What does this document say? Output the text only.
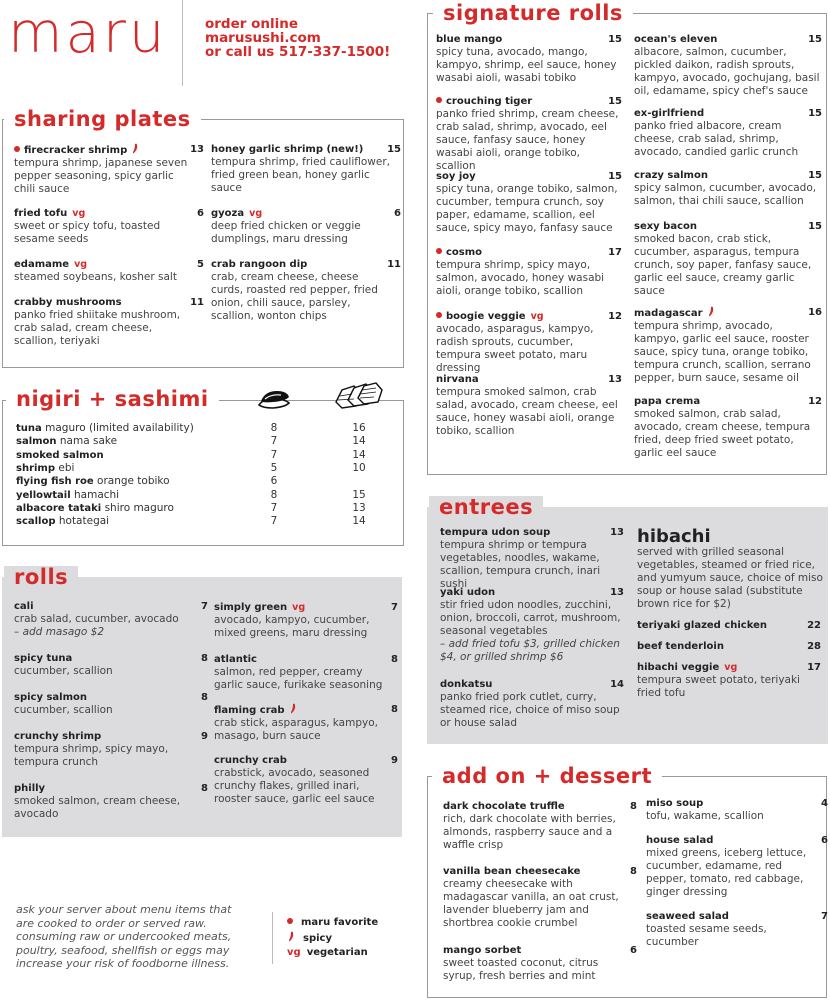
maru	order online
marusushi.com
or call us 517-337-1500!
sharing plates
firecracker shrimp	13
tempura shrimp, japanese seven pepper seasoning, spicy garlic chili sauce
fried tofu vg	6
sweet or spicy tofu, toasted sesame seeds
edamame vg	5
steamed soybeans, kosher salt
crabby mushrooms	11
panko fried shiitake mushroom, crab salad, cream cheese, scallion, teriyaki
honey garlic shrimp (new!)	15
tempura shrimp, fried cauliflower, fried green bean, honey garlic sauce
gyoza vg	6
deep fried chicken or veggie dumplings, maru dressing
crab rangoon dip	11
crab, cream cheese, cheese curds, roasted red pepper, fried onion, chili sauce, parsley, scallion, wonton chips
nigiri + sashimi
tuna maguro (limited availability)	8	16
salmon nama sake	7	14
smoked salmon	7	14
shrimp ebi	5	10
flying fish roe orange tobiko	6
yellowtail hamachi	8	15
albacore tataki shiro maguro	7	13
scallop hotategai	7	14
rolls
cali	7
crab salad, cucumber, avocado
– add masago $2
spicy tuna	8
cucumber, scallion
spicy salmon	8
cucumber, scallion
crunchy shrimp	9
tempura shrimp, spicy mayo, tempura crunch
philly	8
smoked salmon, cream cheese, avocado
simply green vg	7
avocado, kampyo, cucumber, mixed greens, maru dressing
atlantic	8
salmon, red pepper, creamy garlic sauce, furikake seasoning
flaming crab	8
crab stick, asparagus, kampyo, masago, burn sauce
crunchy crab	9
crabstick, avocado, seasoned crunchy flakes, grilled inari, rooster sauce, garlic eel sauce
signature rolls
blue mango	15
spicy tuna, avocado, mango, kampyo, shrimp, eel sauce, honey wasabi aioli, wasabi tobiko
crouching tiger	15
panko fried shrimp, cream cheese, crab salad, shrimp, avocado, eel sauce, fanfasy sauce, honey wasabi aioli, orange tobiko, scallion
soy joy	15
spicy tuna, orange tobiko, salmon, cucumber, tempura crunch, soy paper, edamame, scallion, eel sauce, spicy mayo, fanfasy sauce
cosmo	17
tempura shrimp, spicy mayo, salmon, avocado, honey wasabi aioli, orange tobiko, scallion
boogie veggie vg	12
avocado, asparagus, kampyo, radish sprouts, cucumber, tempura sweet potato, maru dressing
nirvana	13
tempura smoked salmon, crab salad, avocado, cream cheese, eel sauce, honey wasabi aioli, orange tobiko, scallion
ocean's eleven	15
albacore, salmon, cucumber, pickled daikon, radish sprouts, kampyo, avocado, gochujang, basil oil, edamame, spicy chef's sauce
ex-girlfriend	15
panko fried albacore, cream cheese, crab salad, shrimp, avocado, candied garlic crunch
crazy salmon	15
spicy salmon, cucumber, avocado, salmon, thai chili sauce, scallion
sexy bacon	15
smoked bacon, crab stick, cucumber, asparagus, tempura crunch, soy paper, fanfasy sauce, garlic eel sauce, creamy garlic sauce
madagascar	16
tempura shrimp, avocado, kampyo, garlic eel sauce, rooster sauce, spicy tuna, orange tobiko, tempura crunch, scallion, serrano pepper, burn sauce, sesame oil
papa crema	12
smoked salmon, crab salad, avocado, cream cheese, tempura fried, deep fried sweet potato, garlic eel sauce
entrees
tempura udon soup	13
tempura shrimp or tempura vegetables, noodles, wakame, scallion, tempura crunch, inari sushi
yaki udon	13
stir fried udon noodles, zucchini, onion, broccoli, carrot, mushroom, seasonal vegetables
– add fried tofu $3, grilled chicken $4, or grilled shrimp $6
donkatsu	14
panko fried pork cutlet, curry, steamed rice, choice of miso soup or house salad
hibachi
served with grilled seasonal vegetables, steamed or fried rice, and yumyum sauce, choice of miso soup or house salad (substitute brown rice for $2)
teriyaki glazed chicken	22
beef tenderloin	28
hibachi veggie vg	17
tempura sweet potato, teriyaki fried tofu
add on + dessert
dark chocolate truffle	8
rich, dark chocolate with berries, almonds, raspberry sauce and a waffle crisp
vanilla bean cheesecake	8
creamy cheesecake with madagascar vanilla, an oat crust, lavender blueberry jam and shortbrea cookie crumbel
mango sorbet	6
sweet toasted coconut, citrus syrup, fresh berries and mint
miso soup	4
tofu, wakame, scallion
house salad	6
mixed greens, iceberg lettuce, cucumber, edamame, red pepper, tomato, red cabbage, ginger dressing
seaweed salad	7
toasted sesame seeds, cucumber
ask your server about menu items that are cooked to order or served raw. consuming raw or undercooked meats, poultry, seafood, shellfish or eggs may increase your risk of foodborne illness.
maru favorite
spicy
vg vegetarian
